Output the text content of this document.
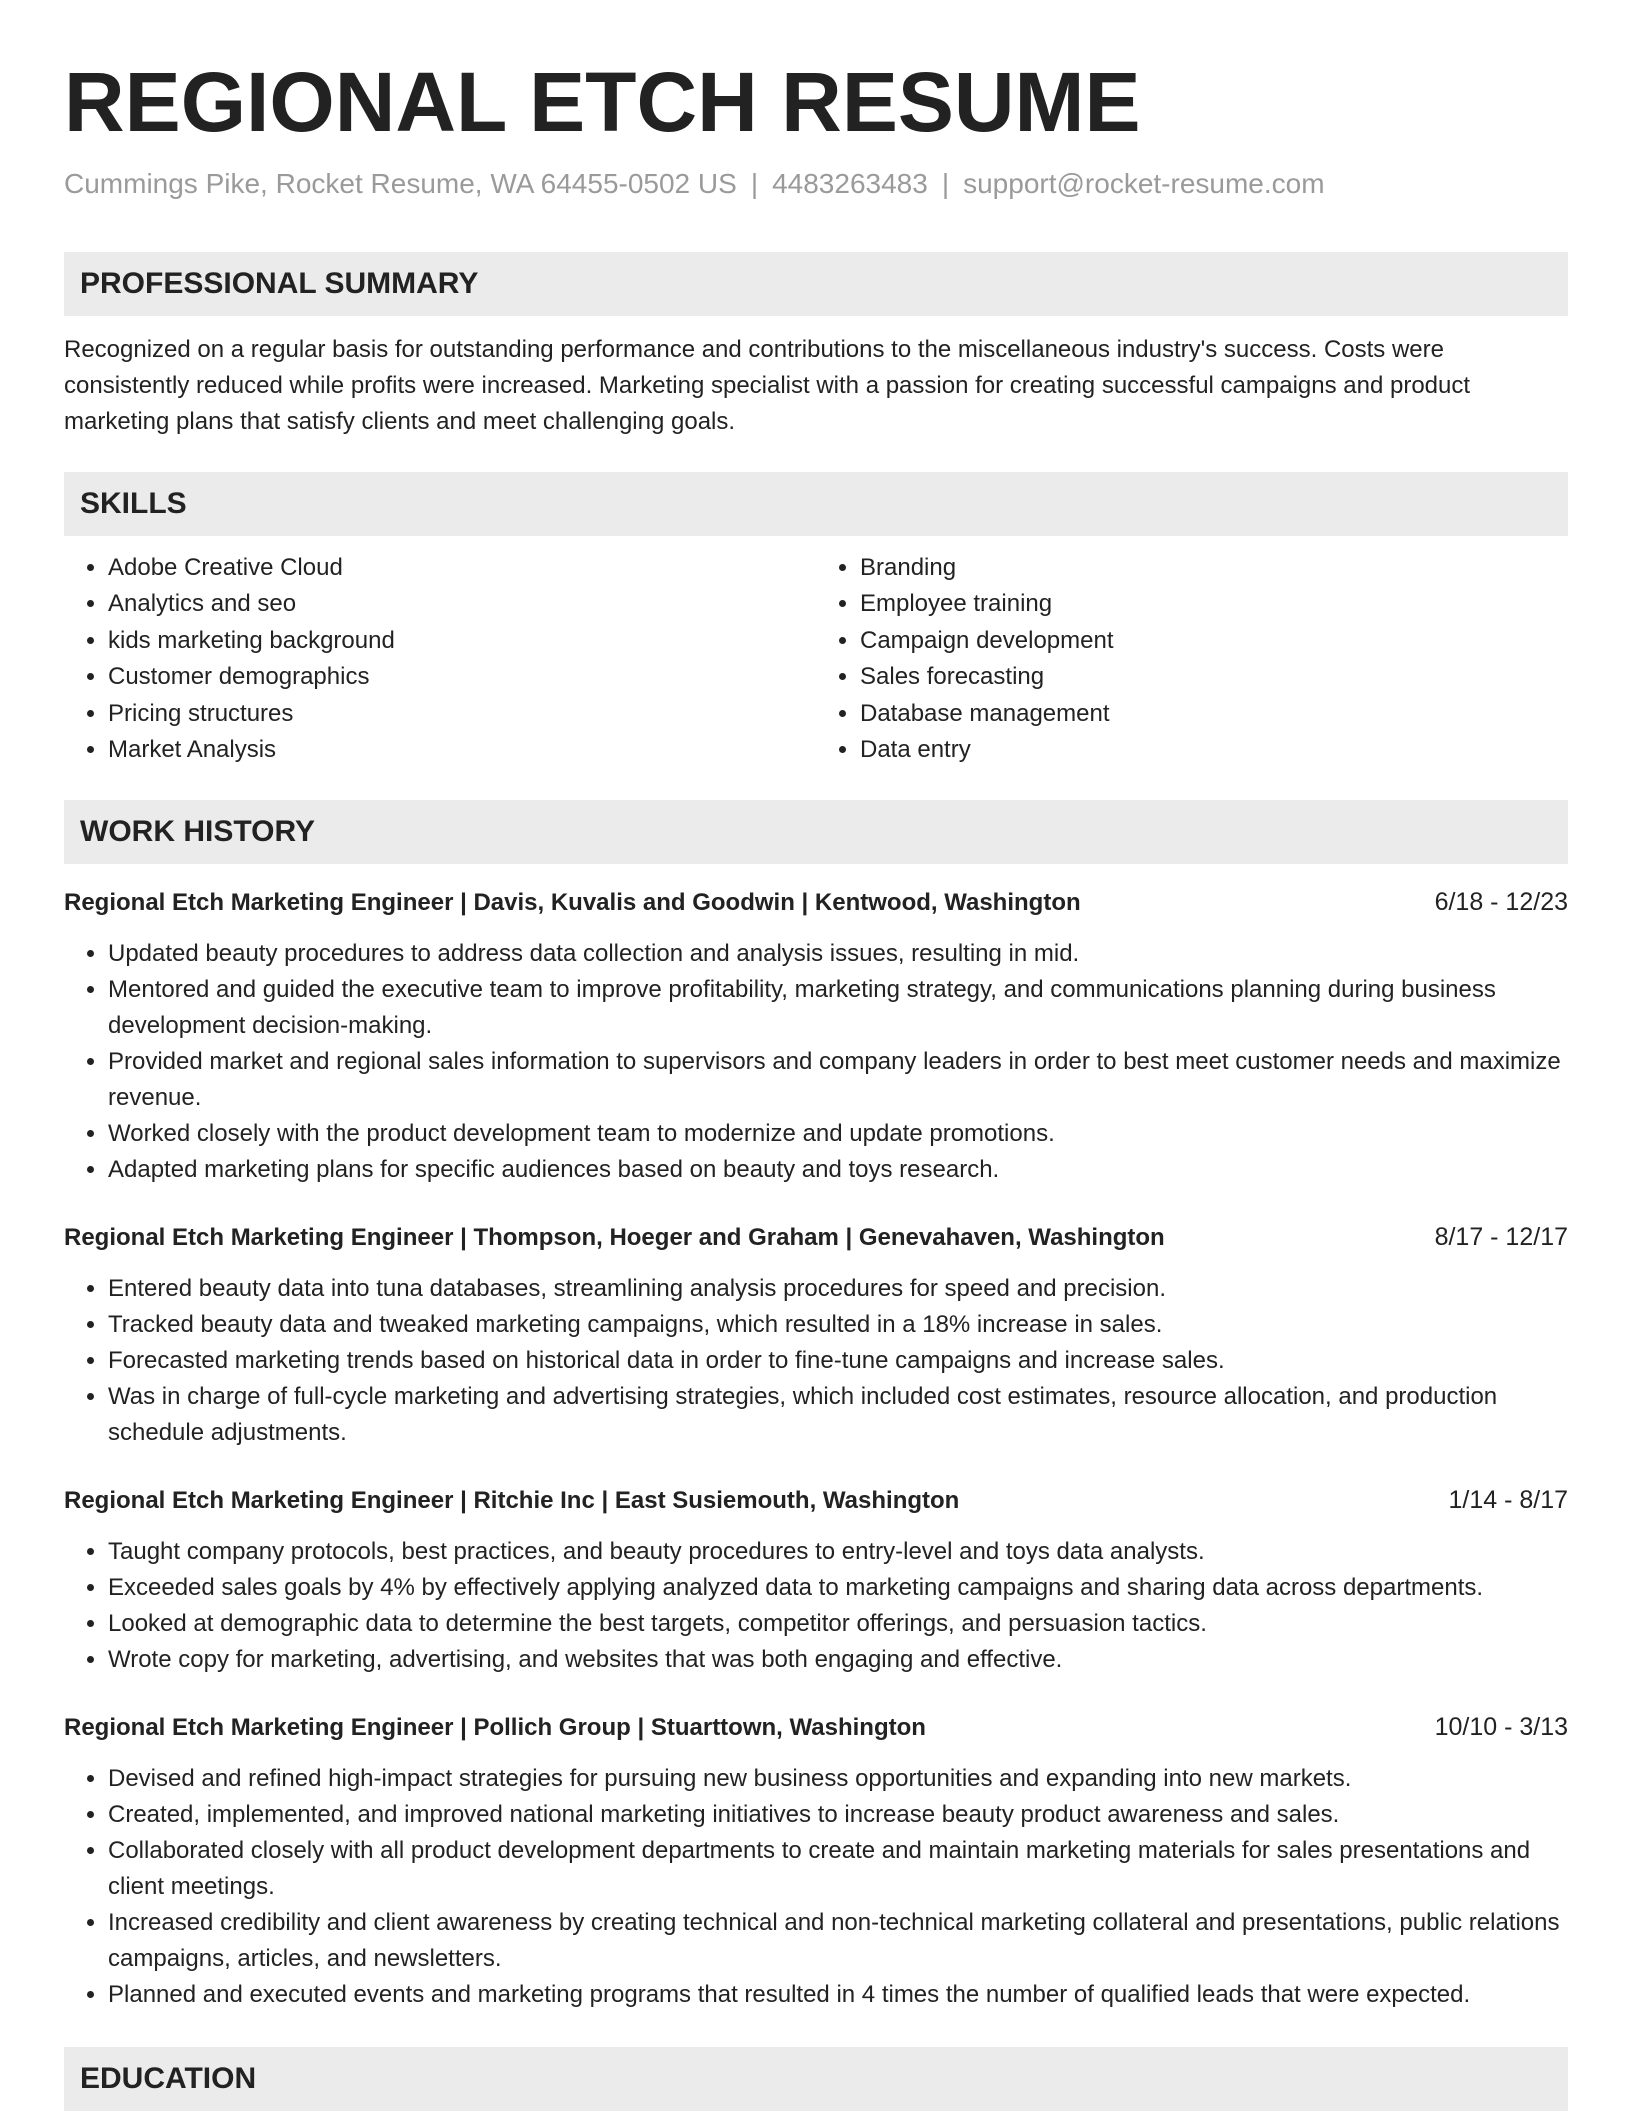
REGIONAL ETCH RESUME
Cummings Pike, Rocket Resume, WA 64455-0502 US | 4483263483 | support@rocket-resume.com
PROFESSIONAL SUMMARY
Recognized on a regular basis for outstanding performance and contributions to the miscellaneous industry's success. Costs were consistently reduced while profits were increased. Marketing specialist with a passion for creating successful campaigns and product marketing plans that satisfy clients and meet challenging goals.
SKILLS
• Adobe Creative Cloud
• Analytics and seo
• kids marketing background
• Customer demographics
• Pricing structures
• Market Analysis
• Branding
• Employee training
• Campaign development
• Sales forecasting
• Database management
• Data entry
WORK HISTORY
Regional Etch Marketing Engineer | Davis, Kuvalis and Goodwin | Kentwood, Washington	6/18 - 12/23
• Updated beauty procedures to address data collection and analysis issues, resulting in mid.
• Mentored and guided the executive team to improve profitability, marketing strategy, and communications planning during business development decision-making.
• Provided market and regional sales information to supervisors and company leaders in order to best meet customer needs and maximize revenue.
• Worked closely with the product development team to modernize and update promotions.
• Adapted marketing plans for specific audiences based on beauty and toys research.
Regional Etch Marketing Engineer | Thompson, Hoeger and Graham | Genevahaven, Washington	8/17 - 12/17
• Entered beauty data into tuna databases, streamlining analysis procedures for speed and precision.
• Tracked beauty data and tweaked marketing campaigns, which resulted in a 18% increase in sales.
• Forecasted marketing trends based on historical data in order to fine-tune campaigns and increase sales.
• Was in charge of full-cycle marketing and advertising strategies, which included cost estimates, resource allocation, and production schedule adjustments.
Regional Etch Marketing Engineer | Ritchie Inc | East Susiemouth, Washington	1/14 - 8/17
• Taught company protocols, best practices, and beauty procedures to entry-level and toys data analysts.
• Exceeded sales goals by 4% by effectively applying analyzed data to marketing campaigns and sharing data across departments.
• Looked at demographic data to determine the best targets, competitor offerings, and persuasion tactics.
• Wrote copy for marketing, advertising, and websites that was both engaging and effective.
Regional Etch Marketing Engineer | Pollich Group | Stuarttown, Washington	10/10 - 3/13
• Devised and refined high-impact strategies for pursuing new business opportunities and expanding into new markets.
• Created, implemented, and improved national marketing initiatives to increase beauty product awareness and sales.
• Collaborated closely with all product development departments to create and maintain marketing materials for sales presentations and client meetings.
• Increased credibility and client awareness by creating technical and non-technical marketing collateral and presentations, public relations campaigns, articles, and newsletters.
• Planned and executed events and marketing programs that resulted in 4 times the number of qualified leads that were expected.
EDUCATION
